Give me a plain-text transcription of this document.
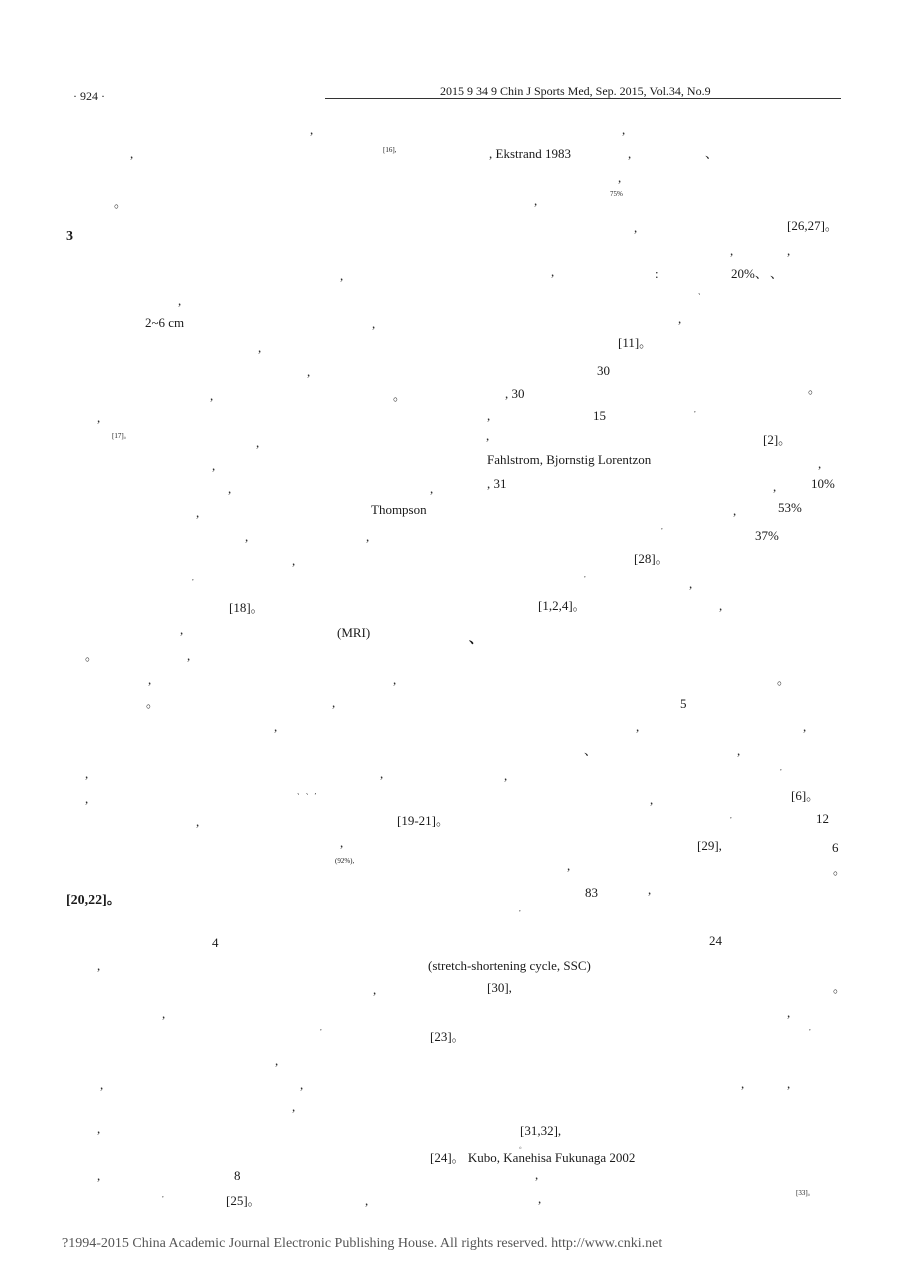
· 924 ·	2015 9 34 9 Chin J Sports Med, Sep. 2015, Vol.34, No.9
,
,	[16],
。
3
,
,
2~6 cm	,
,
,
,	。
,
[17]。	,
,
,	,
,	Thompson
,	,
,
,
[18]。
,	(MRI)
。	,
,	,
。	,
,
,	,
,	、 、 ,
[19-21]。
,
,
(92%),
[20,22]。
4
,	(stretch-shortening cycle, SSC)
,
,
,
[23]。
,
,	,
,
,
[24]。 Kubo, Kanehisa Fukunaga 2002
,	8
,	[25]。	,
,
, Ekstrand 1983	,	、
,
,	75%
[26,27]。
,
,	,
,	:	20%、 、
、
,
[11]。
30
, 30	。
,	15	,
,	[2]。
Fahlstrom, Bjornstig Lorentzon	,
, 31	,	10%
,	53%
,
37%
[28]。
,
,
[1,2,4]。	,
、
。
5
,	,
、	,
,	,
,	[6]。
,	12
[29],	6
,	。
83	,
,
24
[30],	。
,
,
,	,
[31,32],
。
,
,	[33]。
?1994-2015 China Academic Journal Electronic Publishing House. All rights reserved. http://www.cnki.net
